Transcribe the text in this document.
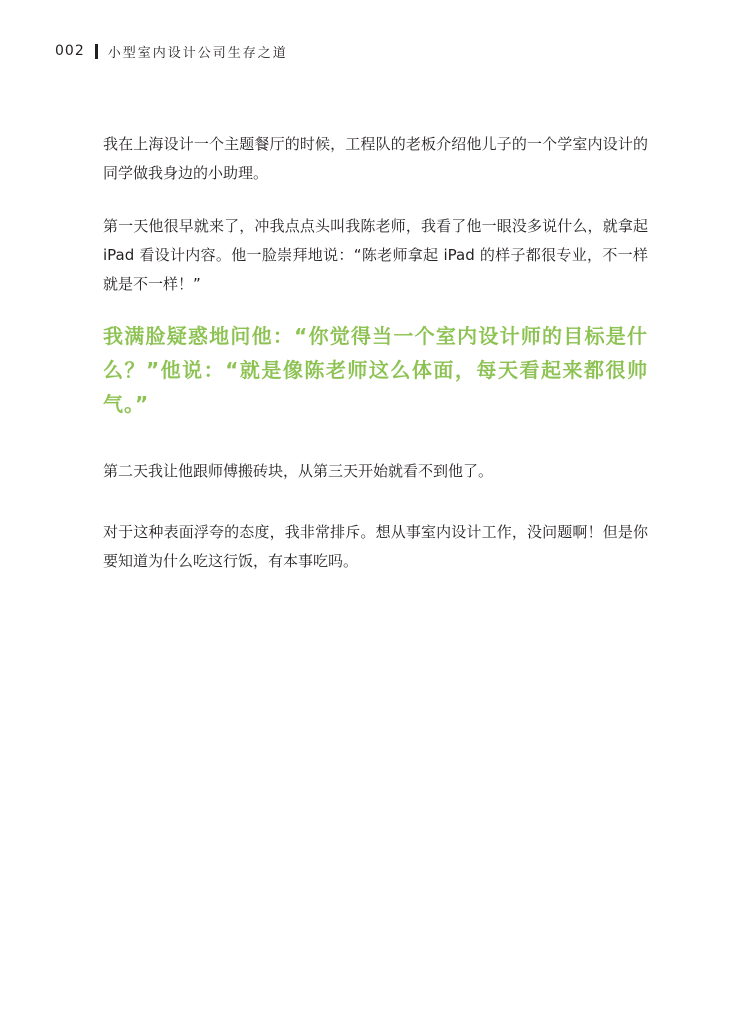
002 小型室内设计公司生存之道

我在上海设计一个主题餐厅的时候，工程队的老板介绍他儿子的一个学室内设计的同学做我身边的小助理。

第一天他很早就来了，冲我点点头叫我陈老师，我看了他一眼没多说什么，就拿起 iPad 看设计内容。他一脸崇拜地说：“陈老师拿起 iPad 的样子都很专业，不一样就是不一样！”

我满脸疑惑地问他：“你觉得当一个室内设计师的目标是什么？”他说：“就是像陈老师这么体面，每天看起来都很帅气。”

第二天我让他跟师傅搬砖块，从第三天开始就看不到他了。

对于这种表面浮夸的态度，我非常排斥。想从事室内设计工作，没问题啊！但是你要知道为什么吃这行饭，有本事吃吗。
